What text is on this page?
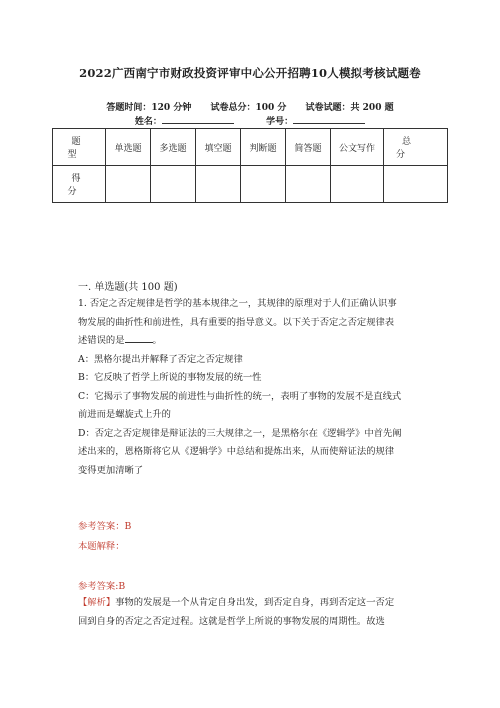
2022广西南宁市财政投资评审中心公开招聘10人模拟考核试题卷
答题时间：120 分钟 试卷总分：100 分 试卷试题：共 200 题
姓名：	学号：
题 型	单选题	多选题	填空题	判断题	简答题	公文写作	总 分
得 分							
一. 单选题(共 100 题)

1. 否定之否定规律是哲学的基本规律之一，其规律的原理对于人们正确认识事

物发展的曲折性和前进性，具有重要的指导意义。以下关于否定之否定规律表

述错误的是	。

A：黑格尔提出并解释了否定之否定规律

B：它反映了哲学上所说的事物发展的统一性

C：它揭示了事物发展的前进性与曲折性的统一，表明了事物的发展不是直线式

前进而是螺旋式上升的

D：否定之否定规律是辩证法的三大规律之一，是黑格尔在《逻辑学》中首先阐

述出来的，恩格斯将它从《逻辑学》中总结和提炼出来，从而使辩证法的规律

变得更加清晰了

参考答案：B
本题解释：
参考答案:B

【解析】事物的发展是一个从肯定自身出发，到否定自身，再到否定这一否定

回到自身的否定之否定过程。这就是哲学上所说的事物发展的周期性。故选
